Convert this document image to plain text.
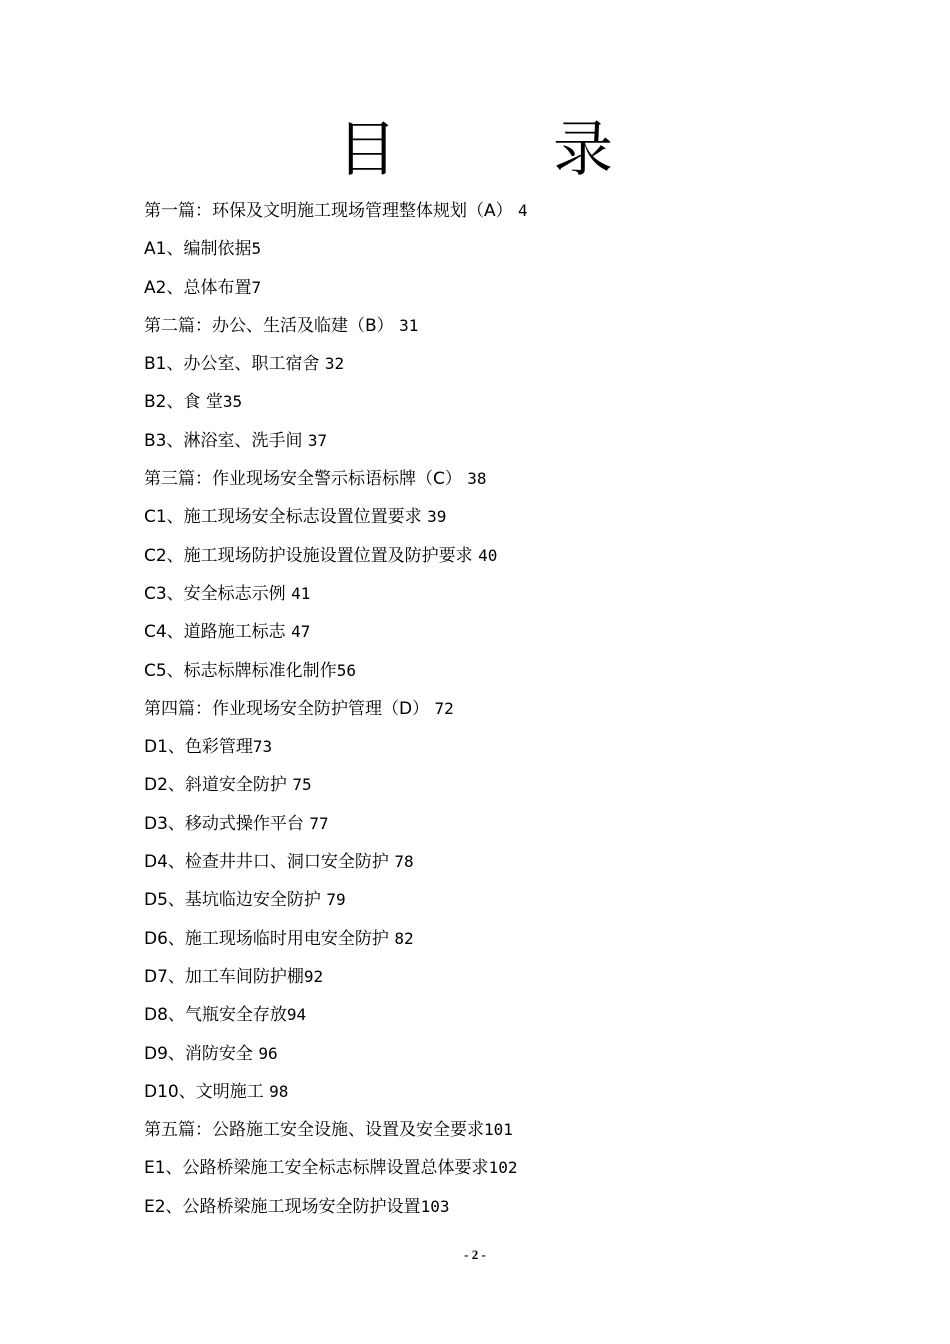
目　录
第一篇：环保及文明施工现场管理整体规划（A） 4
A1、编制依据5
A2、总体布置7
第二篇：办公、生活及临建（B） 31
B1、办公室、职工宿舍 32
B2、食 堂35
B3、淋浴室、洗手间 37
第三篇：作业现场安全警示标语标牌（C） 38
C1、施工现场安全标志设置位置要求 39
C2、施工现场防护设施设置位置及防护要求 40
C3、安全标志示例 41
C4、道路施工标志 47
C5、标志标牌标准化制作56
第四篇：作业现场安全防护管理（D） 72
D1、色彩管理73
D2、斜道安全防护 75
D3、移动式操作平台 77
D4、检查井井口、洞口安全防护 78
D5、基坑临边安全防护 79
D6、施工现场临时用电安全防护 82
D7、加工车间防护棚92
D8、气瓶安全存放94
D9、消防安全 96
D10、文明施工 98
第五篇：公路施工安全设施、设置及安全要求101
E1、公路桥梁施工安全标志标牌设置总体要求102
E2、公路桥梁施工现场安全防护设置103
- 2 -
